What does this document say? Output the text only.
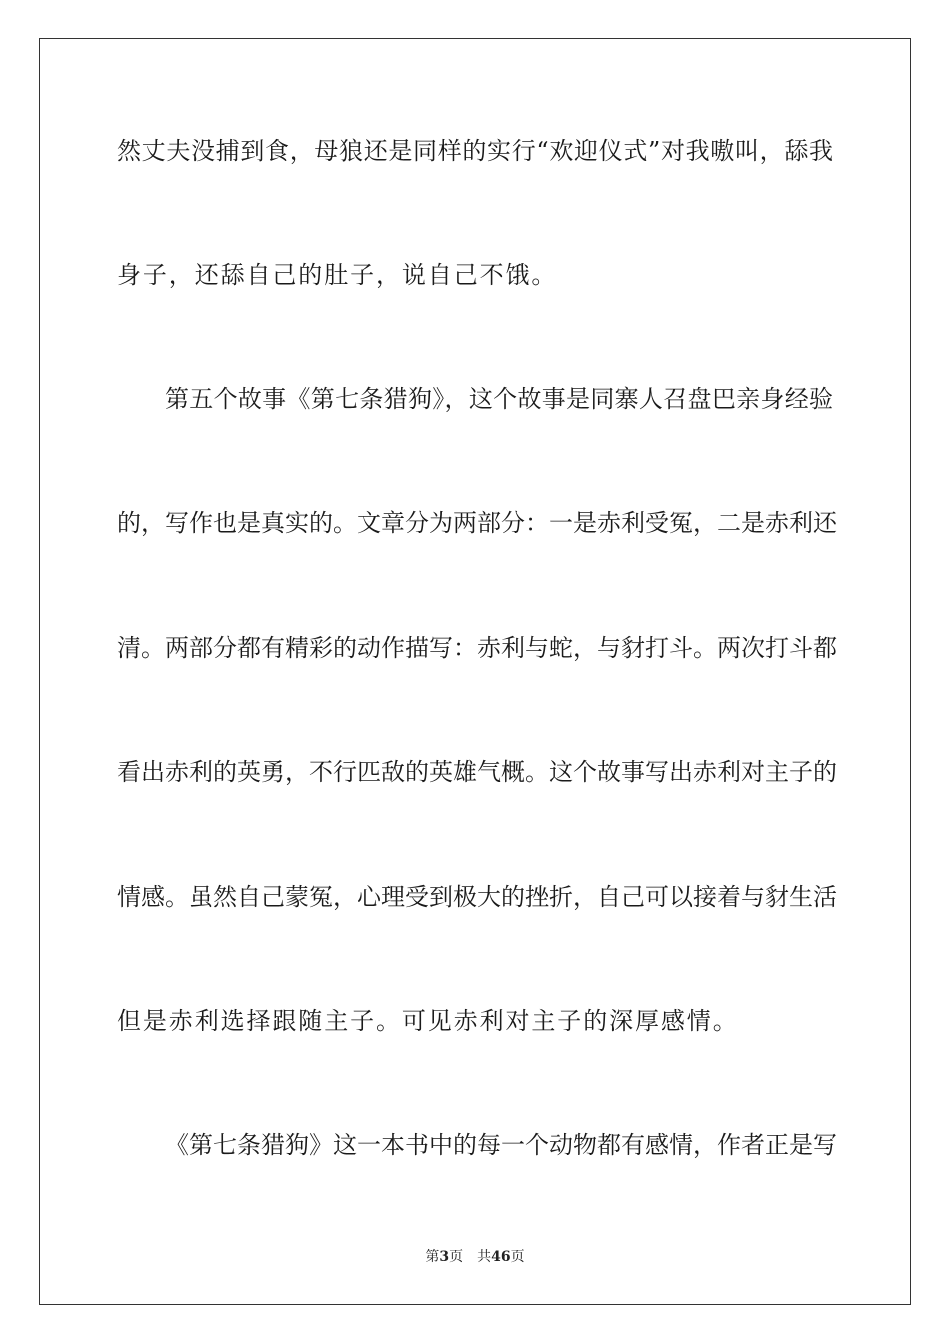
然丈夫没捕到食，母狼还是同样的实行“欢迎仪式”对我嗷叫，舔我
身子，还舔自己的肚子，说自己不饿。
第五个故事《第七条猎狗》，这个故事是同寨人召盘巴亲身经验
的，写作也是真实的。文章分为两部分：一是赤利受冤，二是赤利还
清。两部分都有精彩的动作描写：赤利与蛇，与豺打斗。两次打斗都
看出赤利的英勇，不行匹敌的英雄气概。这个故事写出赤利对主子的
情感。虽然自己蒙冤，心理受到极大的挫折，自己可以接着与豺生活
但是赤利选择跟随主子。可见赤利对主子的深厚感情。
《第七条猎狗》这一本书中的每一个动物都有感情，作者正是写
第3页 共46页
